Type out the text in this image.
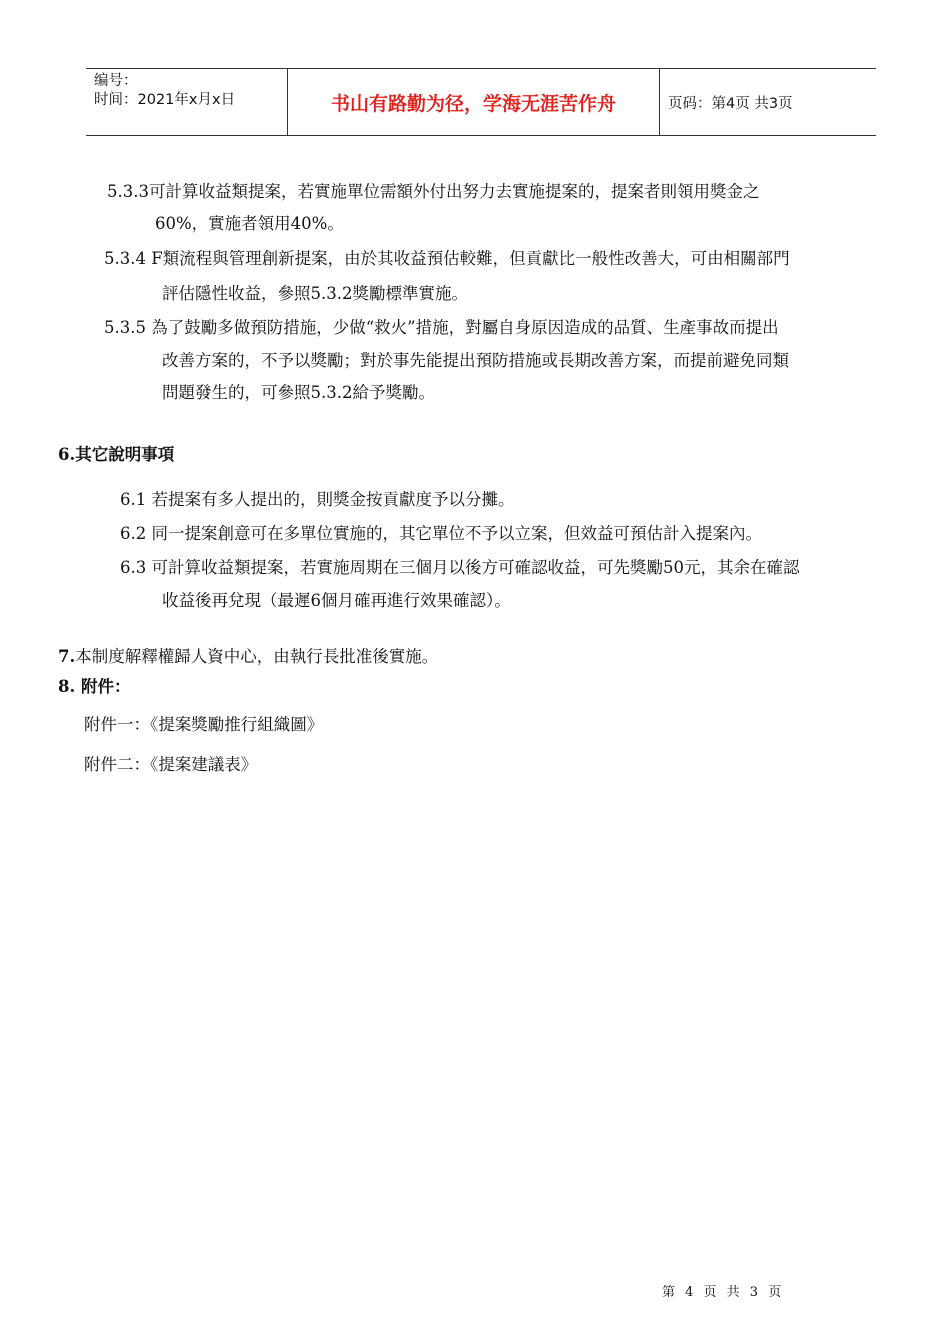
编号：
时间：2021年x月x日	书山有路勤为径，学海无涯苦作舟	页码：第4页 共3页
5.3.3可計算收益類提案，若實施單位需額外付出努力去實施提案的，提案者則領用獎金之
60%，實施者領用40%。
5.3.4 F類流程與管理創新提案，由於其收益預估較難，但貢獻比一般性改善大，可由相關部門
評估隱性收益，參照5.3.2獎勵標準實施。
5.3.5 為了鼓勵多做預防措施，少做“救火”措施，對屬自身原因造成的品質、生產事故而提出
改善方案的，不予以獎勵；對於事先能提出預防措施或長期改善方案，而提前避免同類
問題發生的，可參照5.3.2給予獎勵。
6.其它說明事項
6.1 若提案有多人提出的，則獎金按貢獻度予以分攤。
6.2 同一提案創意可在多單位實施的，其它單位不予以立案，但效益可預估計入提案內。
6.3 可計算收益類提案，若實施周期在三個月以後方可確認收益，可先獎勵50元，其余在確認
收益後再兌現（最遲6個月確再進行效果確認）。
7.本制度解釋權歸人資中心，由執行長批准後實施。
8. 附件：
附件一：《提案獎勵推行組織圖》
附件二：《提案建議表》
第 4 页 共 3 页
